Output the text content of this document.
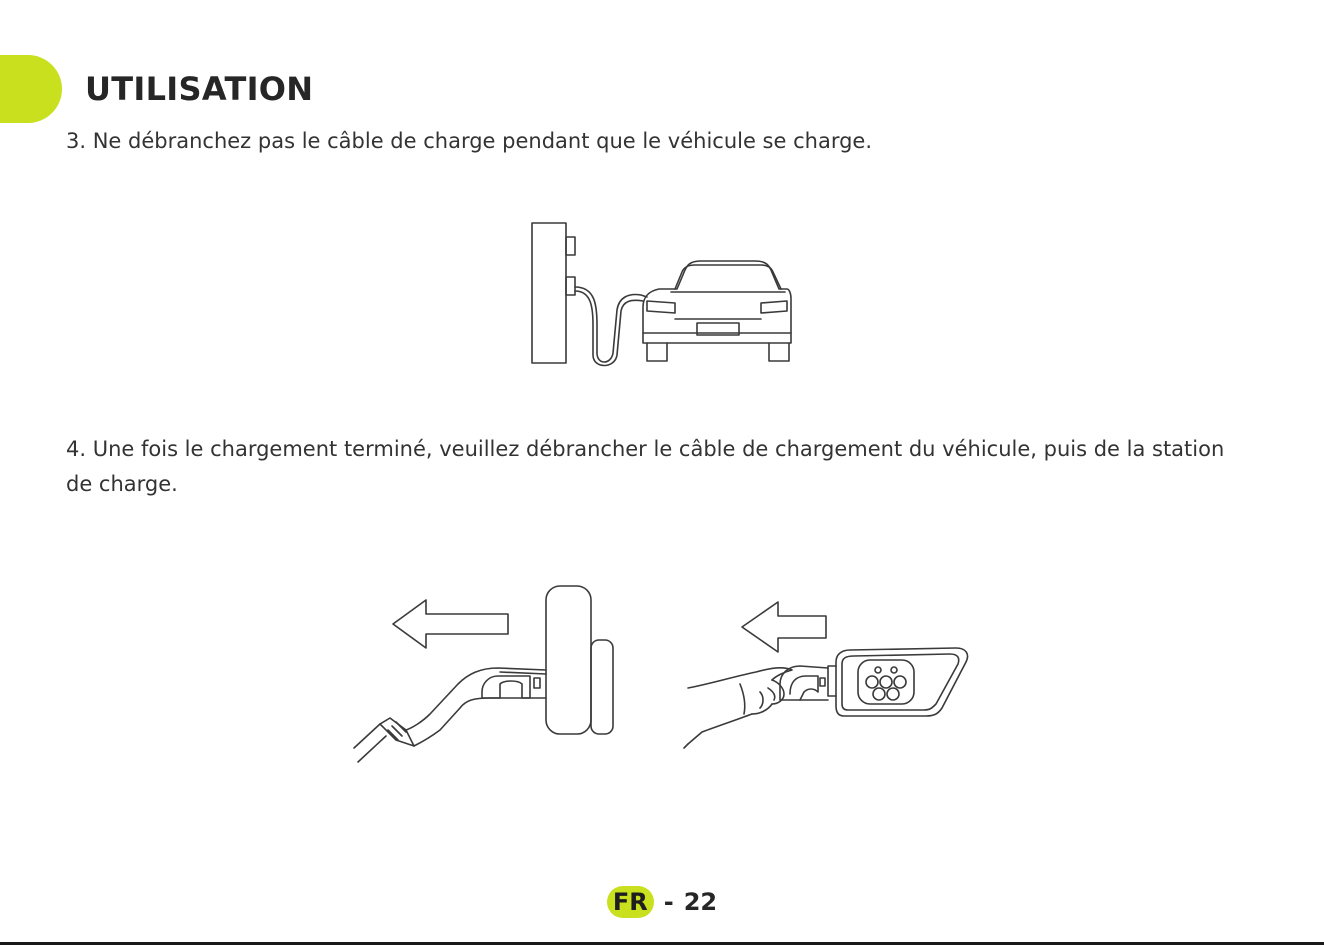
UTILISATION

3. Ne débranchez pas le câble de charge pendant que le véhicule se charge.

4. Une fois le chargement terminé, veuillez débrancher le câble de chargement du véhicule, puis de la station de charge.

FR - 22
